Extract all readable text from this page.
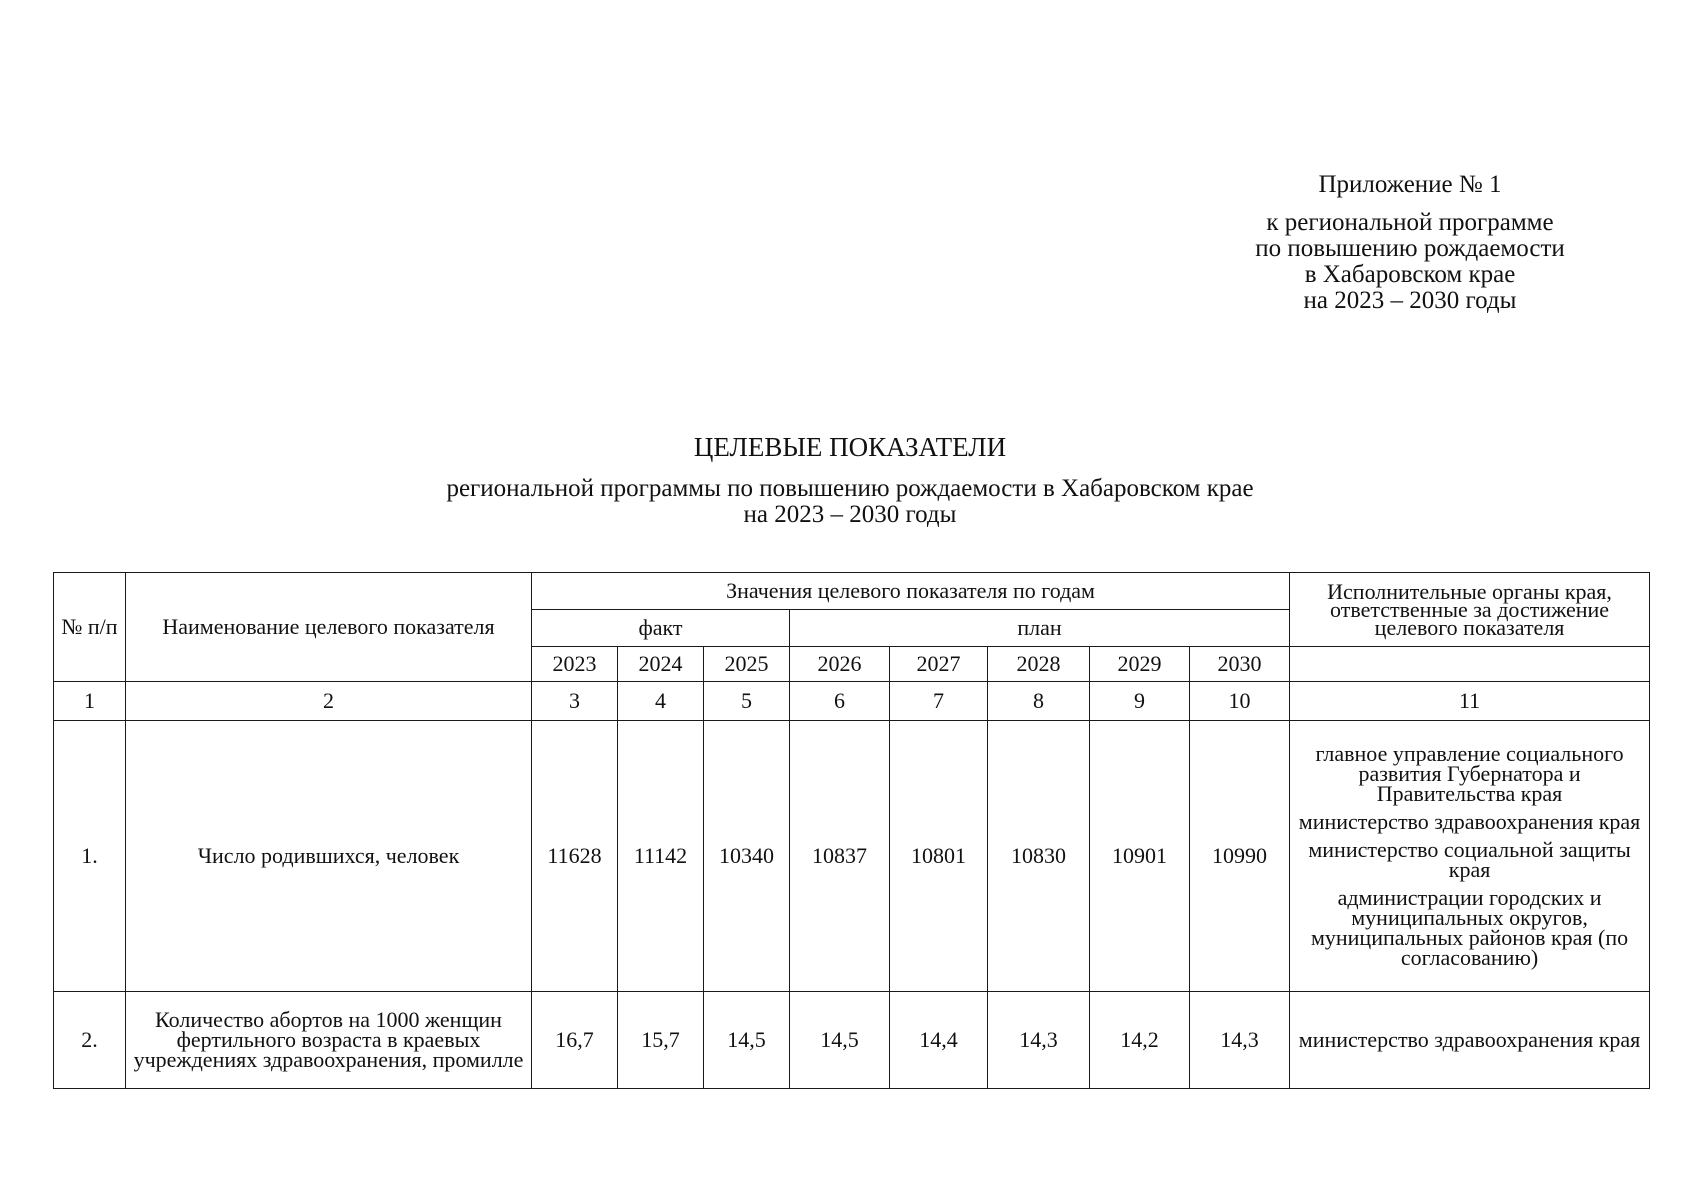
Приложение № 1
к региональной программе
по повышению рождаемости
в Хабаровском крае
на 2023 – 2030 годы
ЦЕЛЕВЫЕ ПОКАЗАТЕЛИ
региональной программы по повышению рождаемости в Хабаровском крае
на 2023 – 2030 годы
№ п/п	Наименование целевого показателя	Значения целевого показателя по годам								Исполнительные органы края, ответственные за достижение целевого показателя
		факт			план					
		2023	2024	2025	2026	2027	2028	2029	2030	
1	2	3	4	5	6	7	8	9	10	11
1.	Число родившихся, человек	11628	11142	10340	10837	10801	10830	10901	10990	главное управление социального развития Губернатора и Правительства края
министерство здравоохранения края
министерство социальной защиты края
администрации городских и муниципальных округов, муниципальных районов края (по согласованию)

2.	Количество абортов на 1000 женщин фертильного возраста в краевых учреждениях здравоохранения, промилле	16,7	15,7	14,5	14,5	14,4	14,3	14,2	14,3	министерство здравоохранения края
